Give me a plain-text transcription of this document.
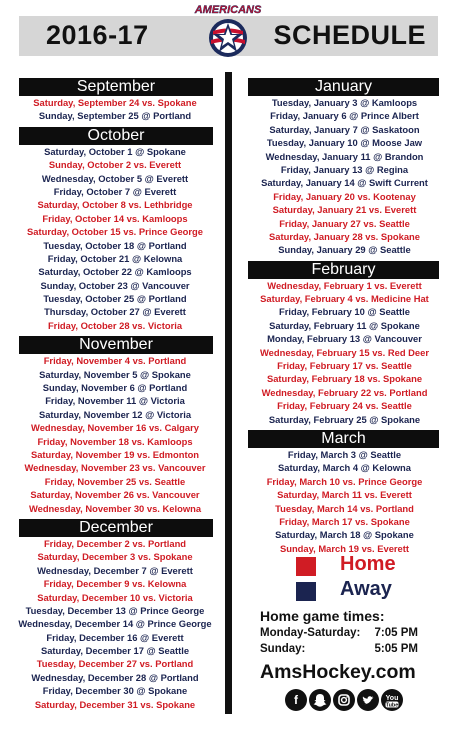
2016-17	SCHEDULE
AMERICANS
September
Saturday, September 24 vs. Spokane
Sunday, September 25 @ Portland
October
Saturday, October 1 @ Spokane
Sunday, October 2 vs. Everett
Wednesday, October 5 @ Everett
Friday, October 7 @ Everett
Saturday, October 8 vs. Lethbridge
Friday, October 14 vs. Kamloops
Saturday, October 15 vs. Prince George
Tuesday, October 18 @ Portland
Friday, October 21 @ Kelowna
Saturday, October 22 @ Kamloops
Sunday, October 23 @ Vancouver
Tuesday, October 25 @ Portland
Thursday, October 27 @ Everett
Friday, October 28 vs. Victoria
November
Friday, November 4 vs. Portland
Saturday, November 5 @ Spokane
Sunday, November 6 @ Portland
Friday, November 11 @ Victoria
Saturday, November 12 @ Victoria
Wednesday, November 16 vs. Calgary
Friday, November 18 vs. Kamloops
Saturday, November 19 vs. Edmonton
Wednesday, November 23 vs. Vancouver
Friday, November 25 vs. Seattle
Saturday, November 26 vs. Vancouver
Wednesday, November 30 vs. Kelowna
December
Friday, December 2 vs. Portland
Saturday, December 3 vs. Spokane
Wednesday, December 7 @ Everett
Friday, December 9 vs. Kelowna
Saturday, December 10 vs. Victoria
Tuesday, December 13 @ Prince George
Wednesday, December 14 @ Prince George
Friday, December 16 @ Everett
Saturday, December 17 @ Seattle
Tuesday, December 27 vs. Portland
Wednesday, December 28 @ Portland
Friday, December 30 @ Spokane
Saturday, December 31 vs. Spokane
January
Tuesday, January 3 @ Kamloops
Friday, January 6 @ Prince Albert
Saturday, January 7 @ Saskatoon
Tuesday, January 10 @ Moose Jaw
Wednesday, January 11 @ Brandon
Friday, January 13 @ Regina
Saturday, January 14 @ Swift Current
Friday, January 20 vs. Kootenay
Saturday, January 21 vs. Everett
Friday, January 27 vs. Seattle
Saturday, January 28 vs. Spokane
Sunday, January 29 @ Seattle
February
Wednesday, February 1 vs. Everett
Saturday, February 4 vs. Medicine Hat
Friday, February 10 @ Seattle
Saturday, February 11 @ Spokane
Monday, February 13 @ Vancouver
Wednesday, February 15 vs. Red Deer
Friday, February 17 vs. Seattle
Saturday, February 18 vs. Spokane
Wednesday, February 22 vs. Portland
Friday, February 24 vs. Seattle
Saturday, February 25 @ Spokane
March
Friday, March 3 @ Seattle
Saturday, March 4 @ Kelowna
Friday, March 10 vs. Prince George
Saturday, March 11 vs. Everett
Tuesday, March 14 vs. Portland
Friday, March 17 vs. Spokane
Saturday, March 18 @ Spokane
Sunday, March 19 vs. Everett
Home
Away
Home game times:
Monday-Saturday: 7:05 PM
Sunday:	5:05 PM
AmsHockey.com
f	You
Tube
